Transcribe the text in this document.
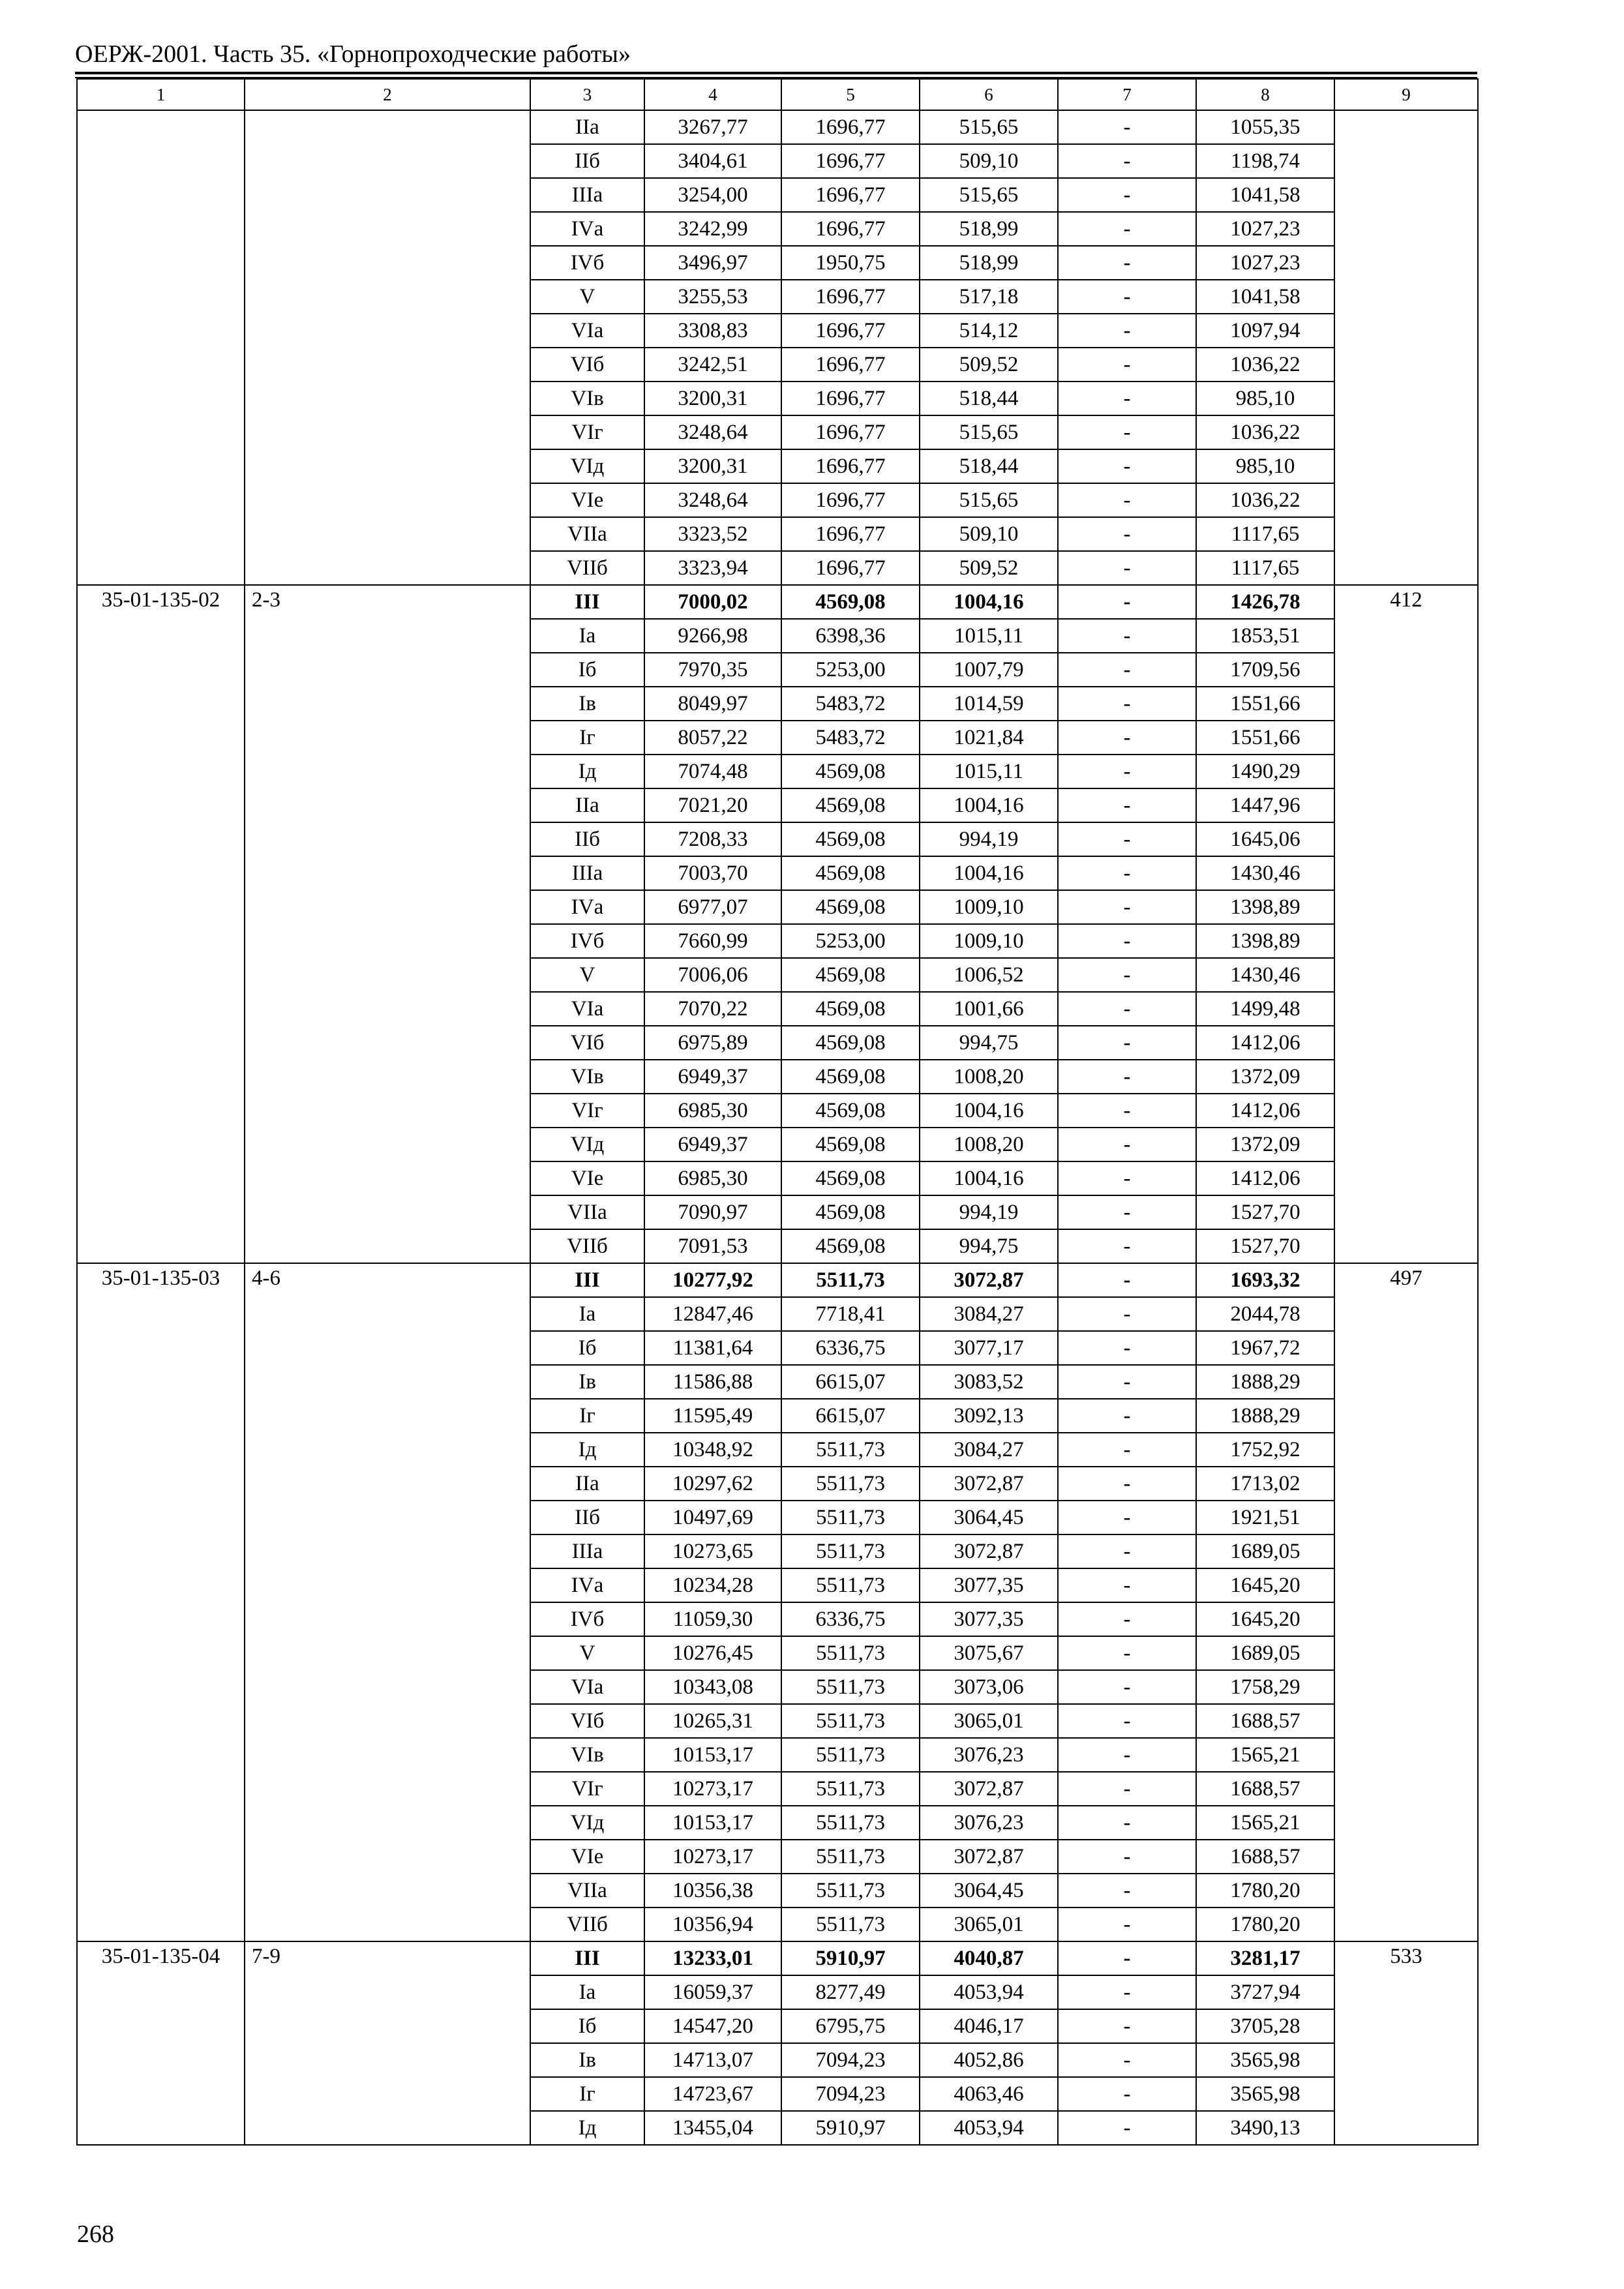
ОЕРЖ-2001. Часть 35. «Горнопроходческие работы»
1	2	3	4	5	6	7	8	9
		IIа	3267,77	1696,77	515,65	-	1055,35	
		IIб	3404,61	1696,77	509,10	-	1198,74	
		IIIа	3254,00	1696,77	515,65	-	1041,58	
		IVа	3242,99	1696,77	518,99	-	1027,23	
		IVб	3496,97	1950,75	518,99	-	1027,23	
		V	3255,53	1696,77	517,18	-	1041,58	
		VIа	3308,83	1696,77	514,12	-	1097,94	
		VIб	3242,51	1696,77	509,52	-	1036,22	
		VIв	3200,31	1696,77	518,44	-	985,10	
		VIг	3248,64	1696,77	515,65	-	1036,22	
		VIд	3200,31	1696,77	518,44	-	985,10	
		VIе	3248,64	1696,77	515,65	-	1036,22	
		VIIа	3323,52	1696,77	509,10	-	1117,65	
		VIIб	3323,94	1696,77	509,52	-	1117,65	
35-01-135-02	2-3	III	7000,02	4569,08	1004,16	-	1426,78	412
		Iа	9266,98	6398,36	1015,11	-	1853,51	
		Iб	7970,35	5253,00	1007,79	-	1709,56	
		Iв	8049,97	5483,72	1014,59	-	1551,66	
		Iг	8057,22	5483,72	1021,84	-	1551,66	
		Iд	7074,48	4569,08	1015,11	-	1490,29	
		IIа	7021,20	4569,08	1004,16	-	1447,96	
		IIб	7208,33	4569,08	994,19	-	1645,06	
		IIIа	7003,70	4569,08	1004,16	-	1430,46	
		IVа	6977,07	4569,08	1009,10	-	1398,89	
		IVб	7660,99	5253,00	1009,10	-	1398,89	
		V	7006,06	4569,08	1006,52	-	1430,46	
		VIа	7070,22	4569,08	1001,66	-	1499,48	
		VIб	6975,89	4569,08	994,75	-	1412,06	
		VIв	6949,37	4569,08	1008,20	-	1372,09	
		VIг	6985,30	4569,08	1004,16	-	1412,06	
		VIд	6949,37	4569,08	1008,20	-	1372,09	
		VIе	6985,30	4569,08	1004,16	-	1412,06	
		VIIа	7090,97	4569,08	994,19	-	1527,70	
		VIIб	7091,53	4569,08	994,75	-	1527,70	
35-01-135-03	4-6	III	10277,92	5511,73	3072,87	-	1693,32	497
		Iа	12847,46	7718,41	3084,27	-	2044,78	
		Iб	11381,64	6336,75	3077,17	-	1967,72	
		Iв	11586,88	6615,07	3083,52	-	1888,29	
		Iг	11595,49	6615,07	3092,13	-	1888,29	
		Iд	10348,92	5511,73	3084,27	-	1752,92	
		IIа	10297,62	5511,73	3072,87	-	1713,02	
		IIб	10497,69	5511,73	3064,45	-	1921,51	
		IIIа	10273,65	5511,73	3072,87	-	1689,05	
		IVа	10234,28	5511,73	3077,35	-	1645,20	
		IVб	11059,30	6336,75	3077,35	-	1645,20	
		V	10276,45	5511,73	3075,67	-	1689,05	
		VIа	10343,08	5511,73	3073,06	-	1758,29	
		VIб	10265,31	5511,73	3065,01	-	1688,57	
		VIв	10153,17	5511,73	3076,23	-	1565,21	
		VIг	10273,17	5511,73	3072,87	-	1688,57	
		VIд	10153,17	5511,73	3076,23	-	1565,21	
		VIе	10273,17	5511,73	3072,87	-	1688,57	
		VIIа	10356,38	5511,73	3064,45	-	1780,20	
		VIIб	10356,94	5511,73	3065,01	-	1780,20	
35-01-135-04	7-9	III	13233,01	5910,97	4040,87	-	3281,17	533
		Iа	16059,37	8277,49	4053,94	-	3727,94	
		Iб	14547,20	6795,75	4046,17	-	3705,28	
		Iв	14713,07	7094,23	4052,86	-	3565,98	
		Iг	14723,67	7094,23	4063,46	-	3565,98	
		Iд	13455,04	5910,97	4053,94	-	3490,13	
268
